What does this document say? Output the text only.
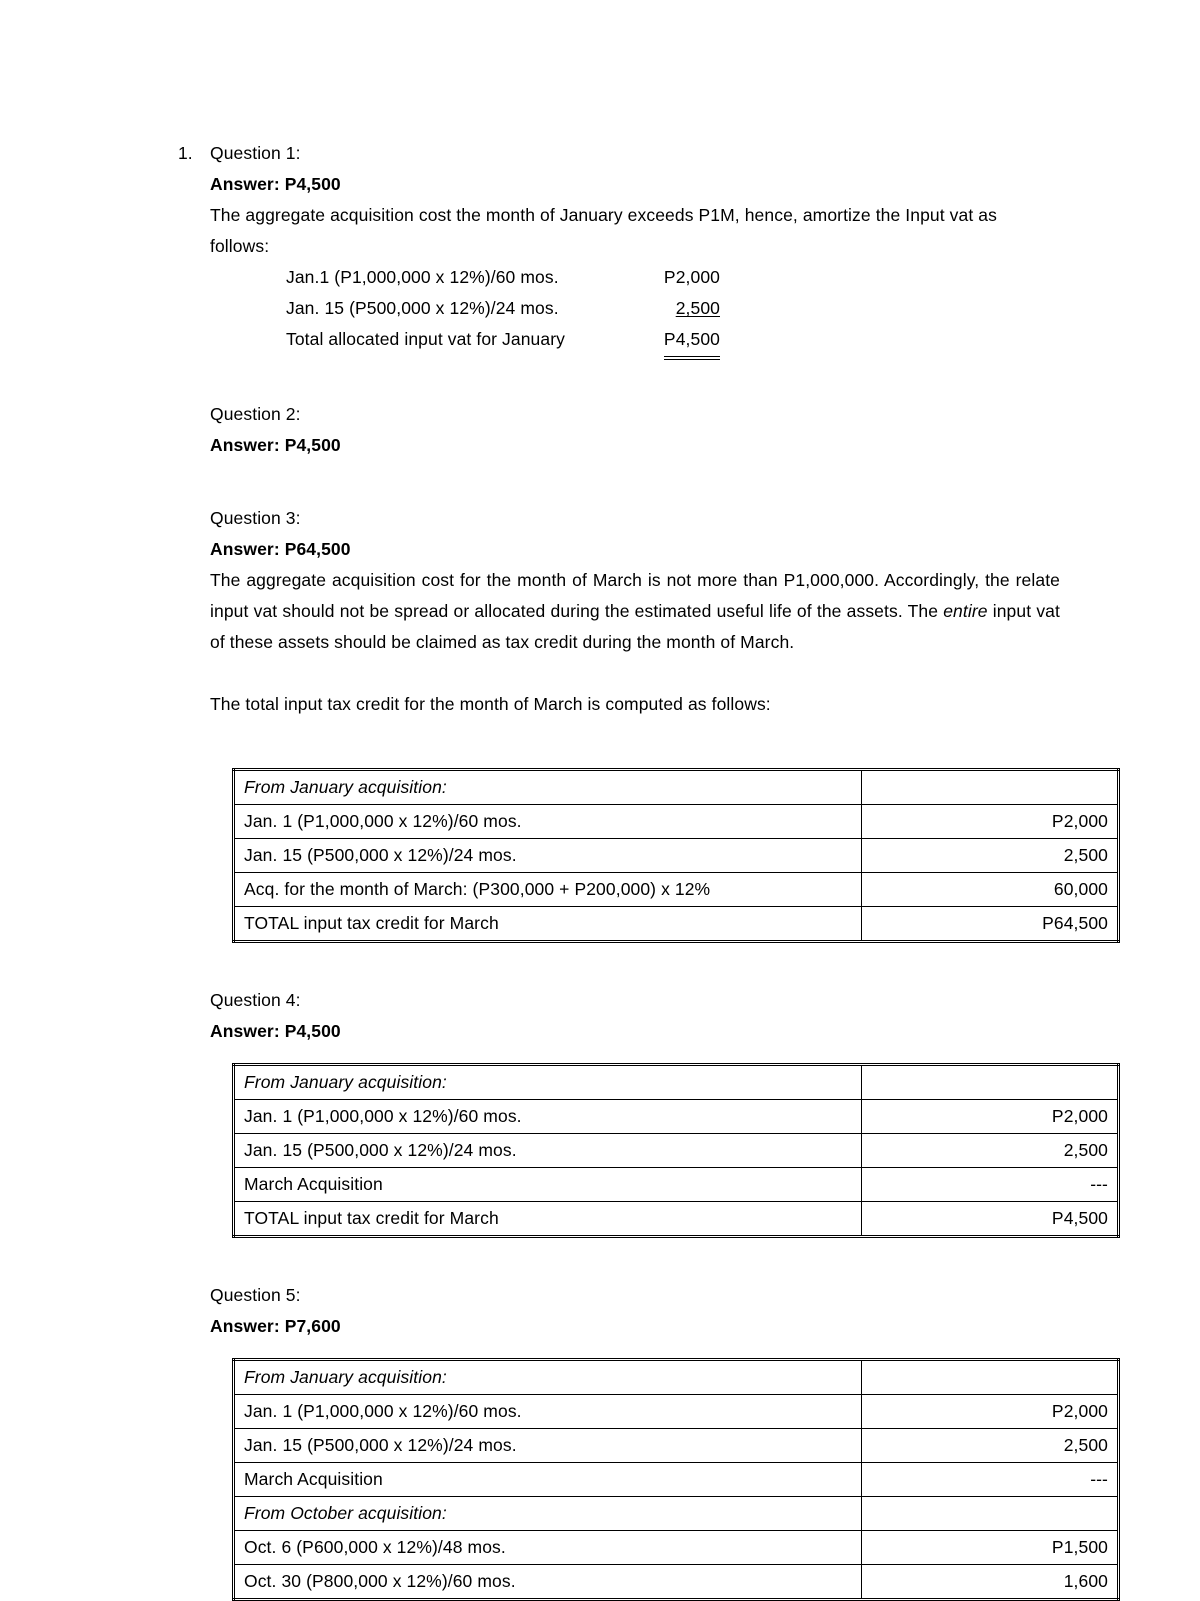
1. Question 1:
Answer: P4,500
The aggregate acquisition cost the month of January exceeds P1M, hence, amortize the Input vat as follows:
Jan.1 (P1,000,000 x 12%)/60 mos.	P2,000
Jan. 15 (P500,000 x 12%)/24 mos.	2,500
Total allocated input vat for January	P4,500
Question 2:
Answer: P4,500
Question 3:
Answer: P64,500
The aggregate acquisition cost for the month of March is not more than P1,000,000. Accordingly, the relate input vat should not be spread or allocated during the estimated useful life of the assets. The entire input vat of these assets should be claimed as tax credit during the month of March.
The total input tax credit for the month of March is computed as follows:
From January acquisition:	
Jan. 1 (P1,000,000 x 12%)/60 mos.	P2,000
Jan. 15 (P500,000 x 12%)/24 mos.	2,500
Acq. for the month of March: (P300,000 + P200,000) x 12%	60,000
TOTAL input tax credit for March	P64,500
Question 4:
Answer: P4,500
From January acquisition:	
Jan. 1 (P1,000,000 x 12%)/60 mos.	P2,000
Jan. 15 (P500,000 x 12%)/24 mos.	2,500
March Acquisition	---
TOTAL input tax credit for March	P4,500
Question 5:
Answer: P7,600
From January acquisition:	
Jan. 1 (P1,000,000 x 12%)/60 mos.	P2,000
Jan. 15 (P500,000 x 12%)/24 mos.	2,500
March Acquisition	---
From October acquisition:	
Oct. 6 (P600,000 x 12%)/48 mos.	P1,500
Oct. 30 (P800,000 x 12%)/60 mos.	1,600
